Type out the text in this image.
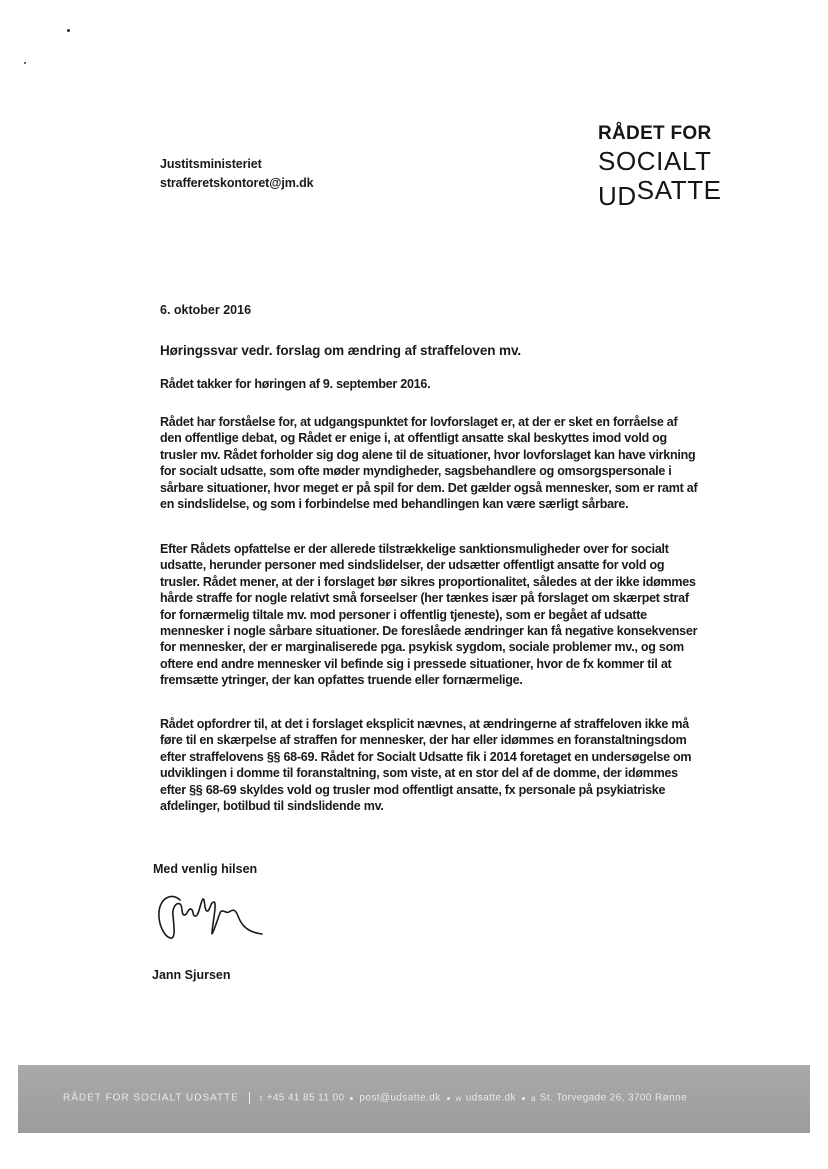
Justitsministeriet
strafferetskontoret@jm.dk
RÅDET FOR
SOCIALT
UDSATTE
6. oktober 2016
Høringssvar vedr. forslag om ændring af straffeloven mv.

Rådet takker for høringen af 9. september 2016.

Rådet har forståelse for, at udgangspunktet for lovforslaget er, at der er sket en forråelse af

den offentlige debat, og Rådet er enige i, at offentligt ansatte skal beskyttes imod vold og

trusler mv. Rådet forholder sig dog alene til de situationer, hvor lovforslaget kan have virkning

for socialt udsatte, som ofte møder myndigheder, sagsbehandlere og omsorgspersonale i

sårbare situationer, hvor meget er på spil for dem. Det gælder også mennesker, som er ramt af

en sindslidelse, og som i forbindelse med behandlingen kan være særligt sårbare.

Efter Rådets opfattelse er der allerede tilstrækkelige sanktionsmuligheder over for socialt

udsatte, herunder personer med sindslidelser, der udsætter offentligt ansatte for vold og

trusler. Rådet mener, at der i forslaget bør sikres proportionalitet, således at der ikke idømmes

hårde straffe for nogle relativt små forseelser (her tænkes især på forslaget om skærpet straf

for fornærmelig tiltale mv. mod personer i offentlig tjeneste), som er begået af udsatte

mennesker i nogle sårbare situationer. De foreslåede ændringer kan få negative konsekvenser

for mennesker, der er marginaliserede pga. psykisk sygdom, sociale problemer mv., og som

oftere end andre mennesker vil befinde sig i pressede situationer, hvor de fx kommer til at

fremsætte ytringer, der kan opfattes truende eller fornærmelige.

Rådet opfordrer til, at det i forslaget eksplicit nævnes, at ændringerne af straffeloven ikke må

føre til en skærpelse af straffen for mennesker, der har eller idømmes en foranstaltningsdom

efter straffelovens §§ 68-69. Rådet for Socialt Udsatte fik i 2014 foretaget en undersøgelse om

udviklingen i domme til foranstaltning, som viste, at en stor del af de domme, der idømmes

efter §§ 68-69 skyldes vold og trusler mod offentligt ansatte, fx personale på psykiatriske

afdelinger, botilbud til sindslidende mv.

Med venlig hilsen
Jann Sjursen
RÅDET FOR SOCIALT UDSATTE	t +45 41 85 11 00 post@udsatte.dk w udsatte.dk a St. Torvegade 26, 3700 Rønne
